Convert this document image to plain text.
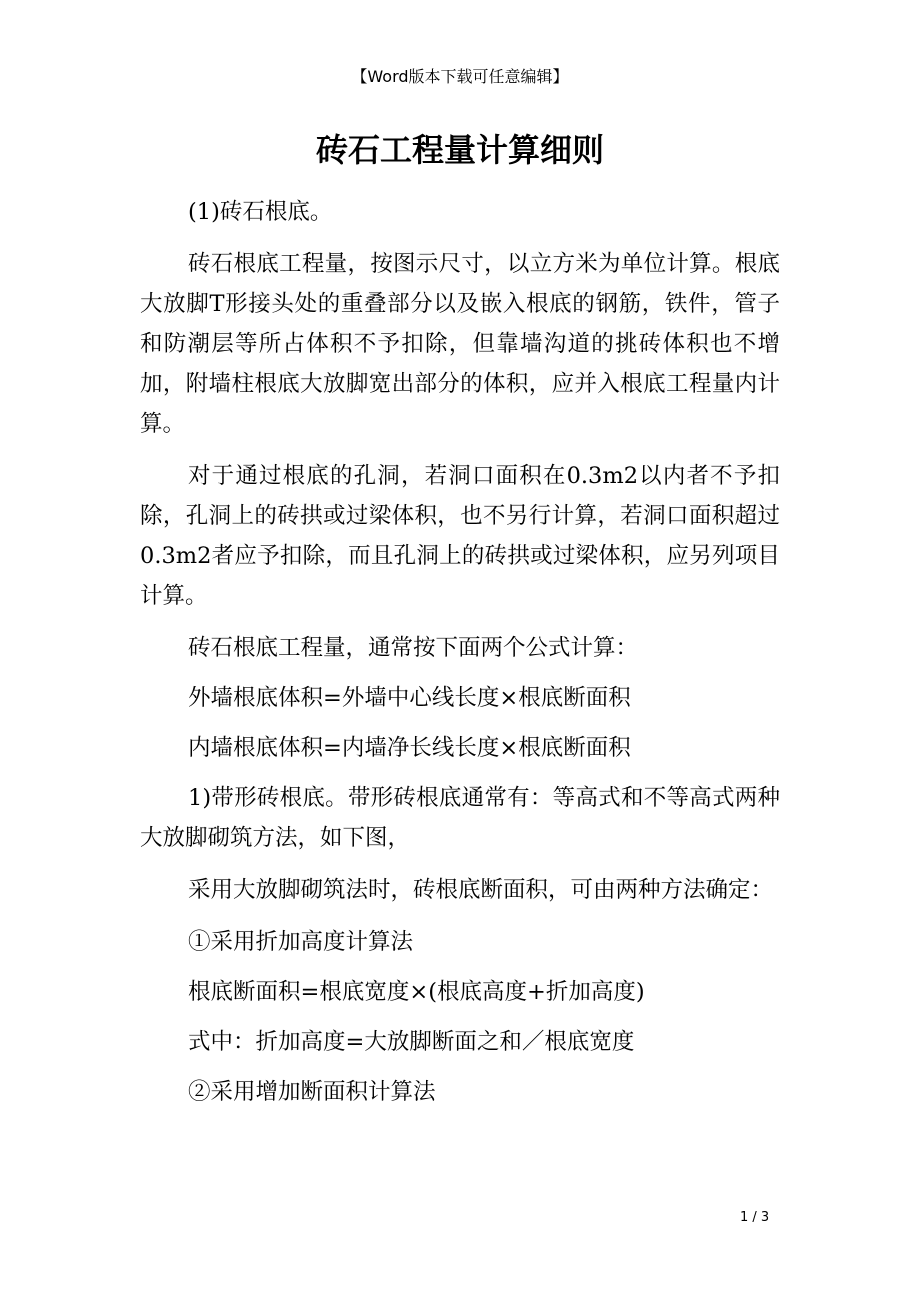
【Word版本下载可任意编辑】
砖石工程量计算细则

(1)砖石根底。

砖石根底工程量，按图示尺寸，以立方米为单位计算。根底大放脚T形接头处的重叠部分以及嵌入根底的钢筋，铁件，管子和防潮层等所占体积不予扣除，但靠墙沟道的挑砖体积也不增加，附墙柱根底大放脚宽出部分的体积，应并入根底工程量内计算。

对于通过根底的孔洞，若洞口面积在0.3m2以内者不予扣除，孔洞上的砖拱或过梁体积，也不另行计算，若洞口面积超过0.3m2者应予扣除，而且孔洞上的砖拱或过梁体积，应另列项目计算。

砖石根底工程量，通常按下面两个公式计算：

外墙根底体积=外墙中心线长度×根底断面积

内墙根底体积=内墙净长线长度×根底断面积

1)带形砖根底。带形砖根底通常有：等高式和不等高式两种大放脚砌筑方法，如下图，

采用大放脚砌筑法时，砖根底断面积，可由两种方法确定：

①采用折加高度计算法

根底断面积=根底宽度×(根底高度+折加高度)

式中：折加高度=大放脚断面之和／根底宽度

②采用增加断面积计算法

1 / 3
